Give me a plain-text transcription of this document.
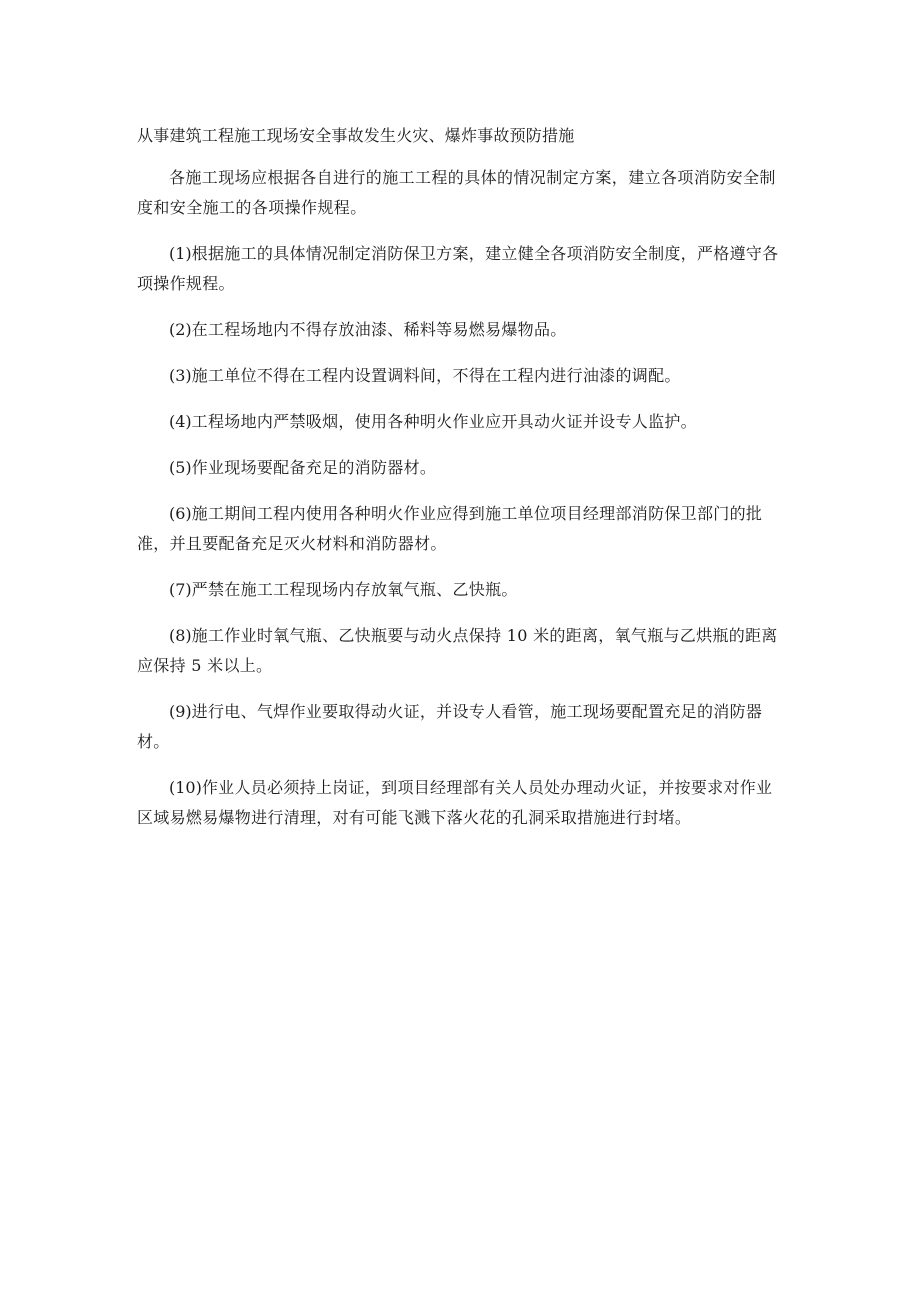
从事建筑工程施工现场安全事故发生火灾、爆炸事故预防措施

各施工现场应根据各自进行的施工工程的具体的情况制定方案，建立各项消防安全制度和安全施工的各项操作规程。

(1)根据施工的具体情况制定消防保卫方案，建立健全各项消防安全制度，严格遵守各项操作规程。
(2)在工程场地内不得存放油漆、稀料等易燃易爆物品。
(3)施工单位不得在工程内设置调料间，不得在工程内进行油漆的调配。
(4)工程场地内严禁吸烟，使用各种明火作业应开具动火证并设专人监护。
(5)作业现场要配备充足的消防器材。
(6)施工期间工程内使用各种明火作业应得到施工单位项目经理部消防保卫部门的批准，并且要配备充足灭火材料和消防器材。
(7)严禁在施工工程现场内存放氧气瓶、乙快瓶。
(8)施工作业时氧气瓶、乙快瓶要与动火点保持 10 米的距离，氧气瓶与乙烘瓶的距离应保持 5 米以上。
(9)进行电、气焊作业要取得动火证，并设专人看管，施工现场要配置充足的消防器材。
(10)作业人员必须持上岗证，到项目经理部有关人员处办理动火证，并按要求对作业区域易燃易爆物进行清理，对有可能飞溅下落火花的孔洞采取措施进行封堵。
